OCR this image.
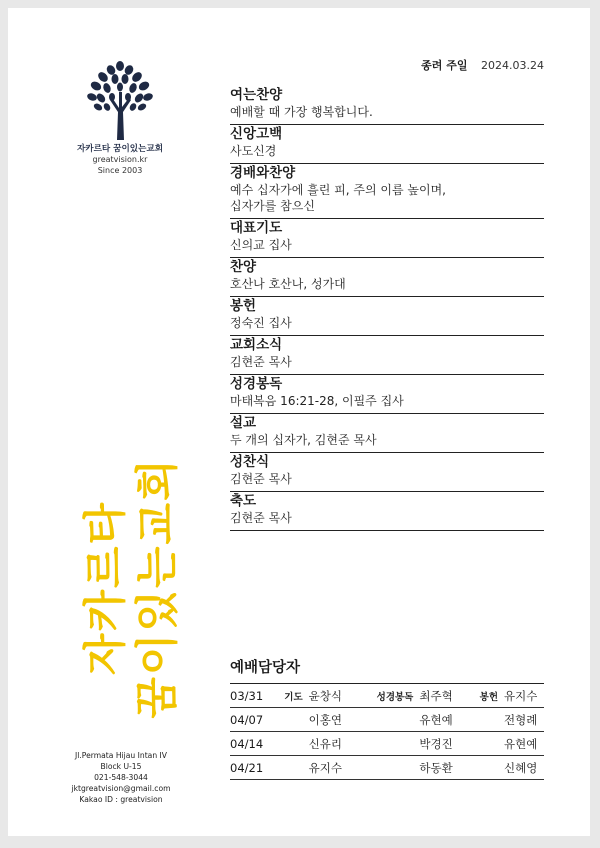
종려 주일 2024.03.24
자카르타 꿈이있는교회
greatvision.kr
Since 2003
자카르타 꿈이있는교회
Jl.Permata Hijau Intan IV
Block U-15
021-548-3044
jktgreatvision@gmail.com
Kakao ID : greatvision
여는찬양
예배할 때 가장 행복합니다.
신앙고백
사도신경
경배와찬양
예수 십자가에 흘린 피, 주의 이름 높이며,
십자가를 참으신
대표기도
신의교 집사
찬양
호산나 호산나, 성가대
봉헌
정숙진 집사
교회소식
김현준 목사
성경봉독
마태복음 16:21-28, 이필주 집사
설교
두 개의 십자가, 김현준 목사
성찬식
김현준 목사
축도
김현준 목사
예배담당자
03/31	기도	윤창식	성경봉독	최주혁	봉헌	유지수
04/07		이홍연		유현예		전형례
04/14		신유리		박경진		유현예
04/21		유지수		하동환		신혜영
